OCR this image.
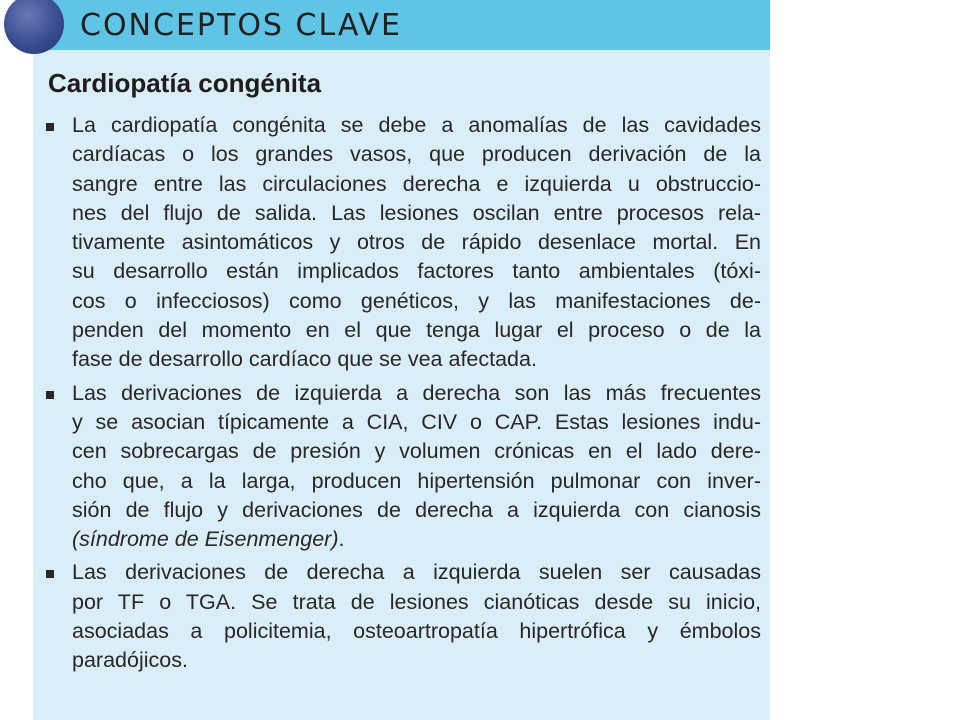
CONCEPTOS CLAVE
Cardiopatía congénita
La cardiopatía congénita se debe a anomalías de las cavidades
cardíacas o los grandes vasos, que producen derivación de la
sangre entre las circulaciones derecha e izquierda u obstruccio-
nes del flujo de salida. Las lesiones oscilan entre procesos rela-
tivamente asintomáticos y otros de rápido desenlace mortal. En
su desarrollo están implicados factores tanto ambientales (tóxi-
cos o infecciosos) como genéticos, y las manifestaciones de-
penden del momento en el que tenga lugar el proceso o de la
fase de desarrollo cardíaco que se vea afectada.
Las derivaciones de izquierda a derecha son las más frecuentes
y se asocian típicamente a CIA, CIV o CAP. Estas lesiones indu-
cen sobrecargas de presión y volumen crónicas en el lado dere-
cho que, a la larga, producen hipertensión pulmonar con inver-
sión de flujo y derivaciones de derecha a izquierda con cianosis
(síndrome de Eisenmenger).
Las derivaciones de derecha a izquierda suelen ser causadas
por TF o TGA. Se trata de lesiones cianóticas desde su inicio,
asociadas a policitemia, osteoartropatía hipertrófica y émbolos
paradójicos.
